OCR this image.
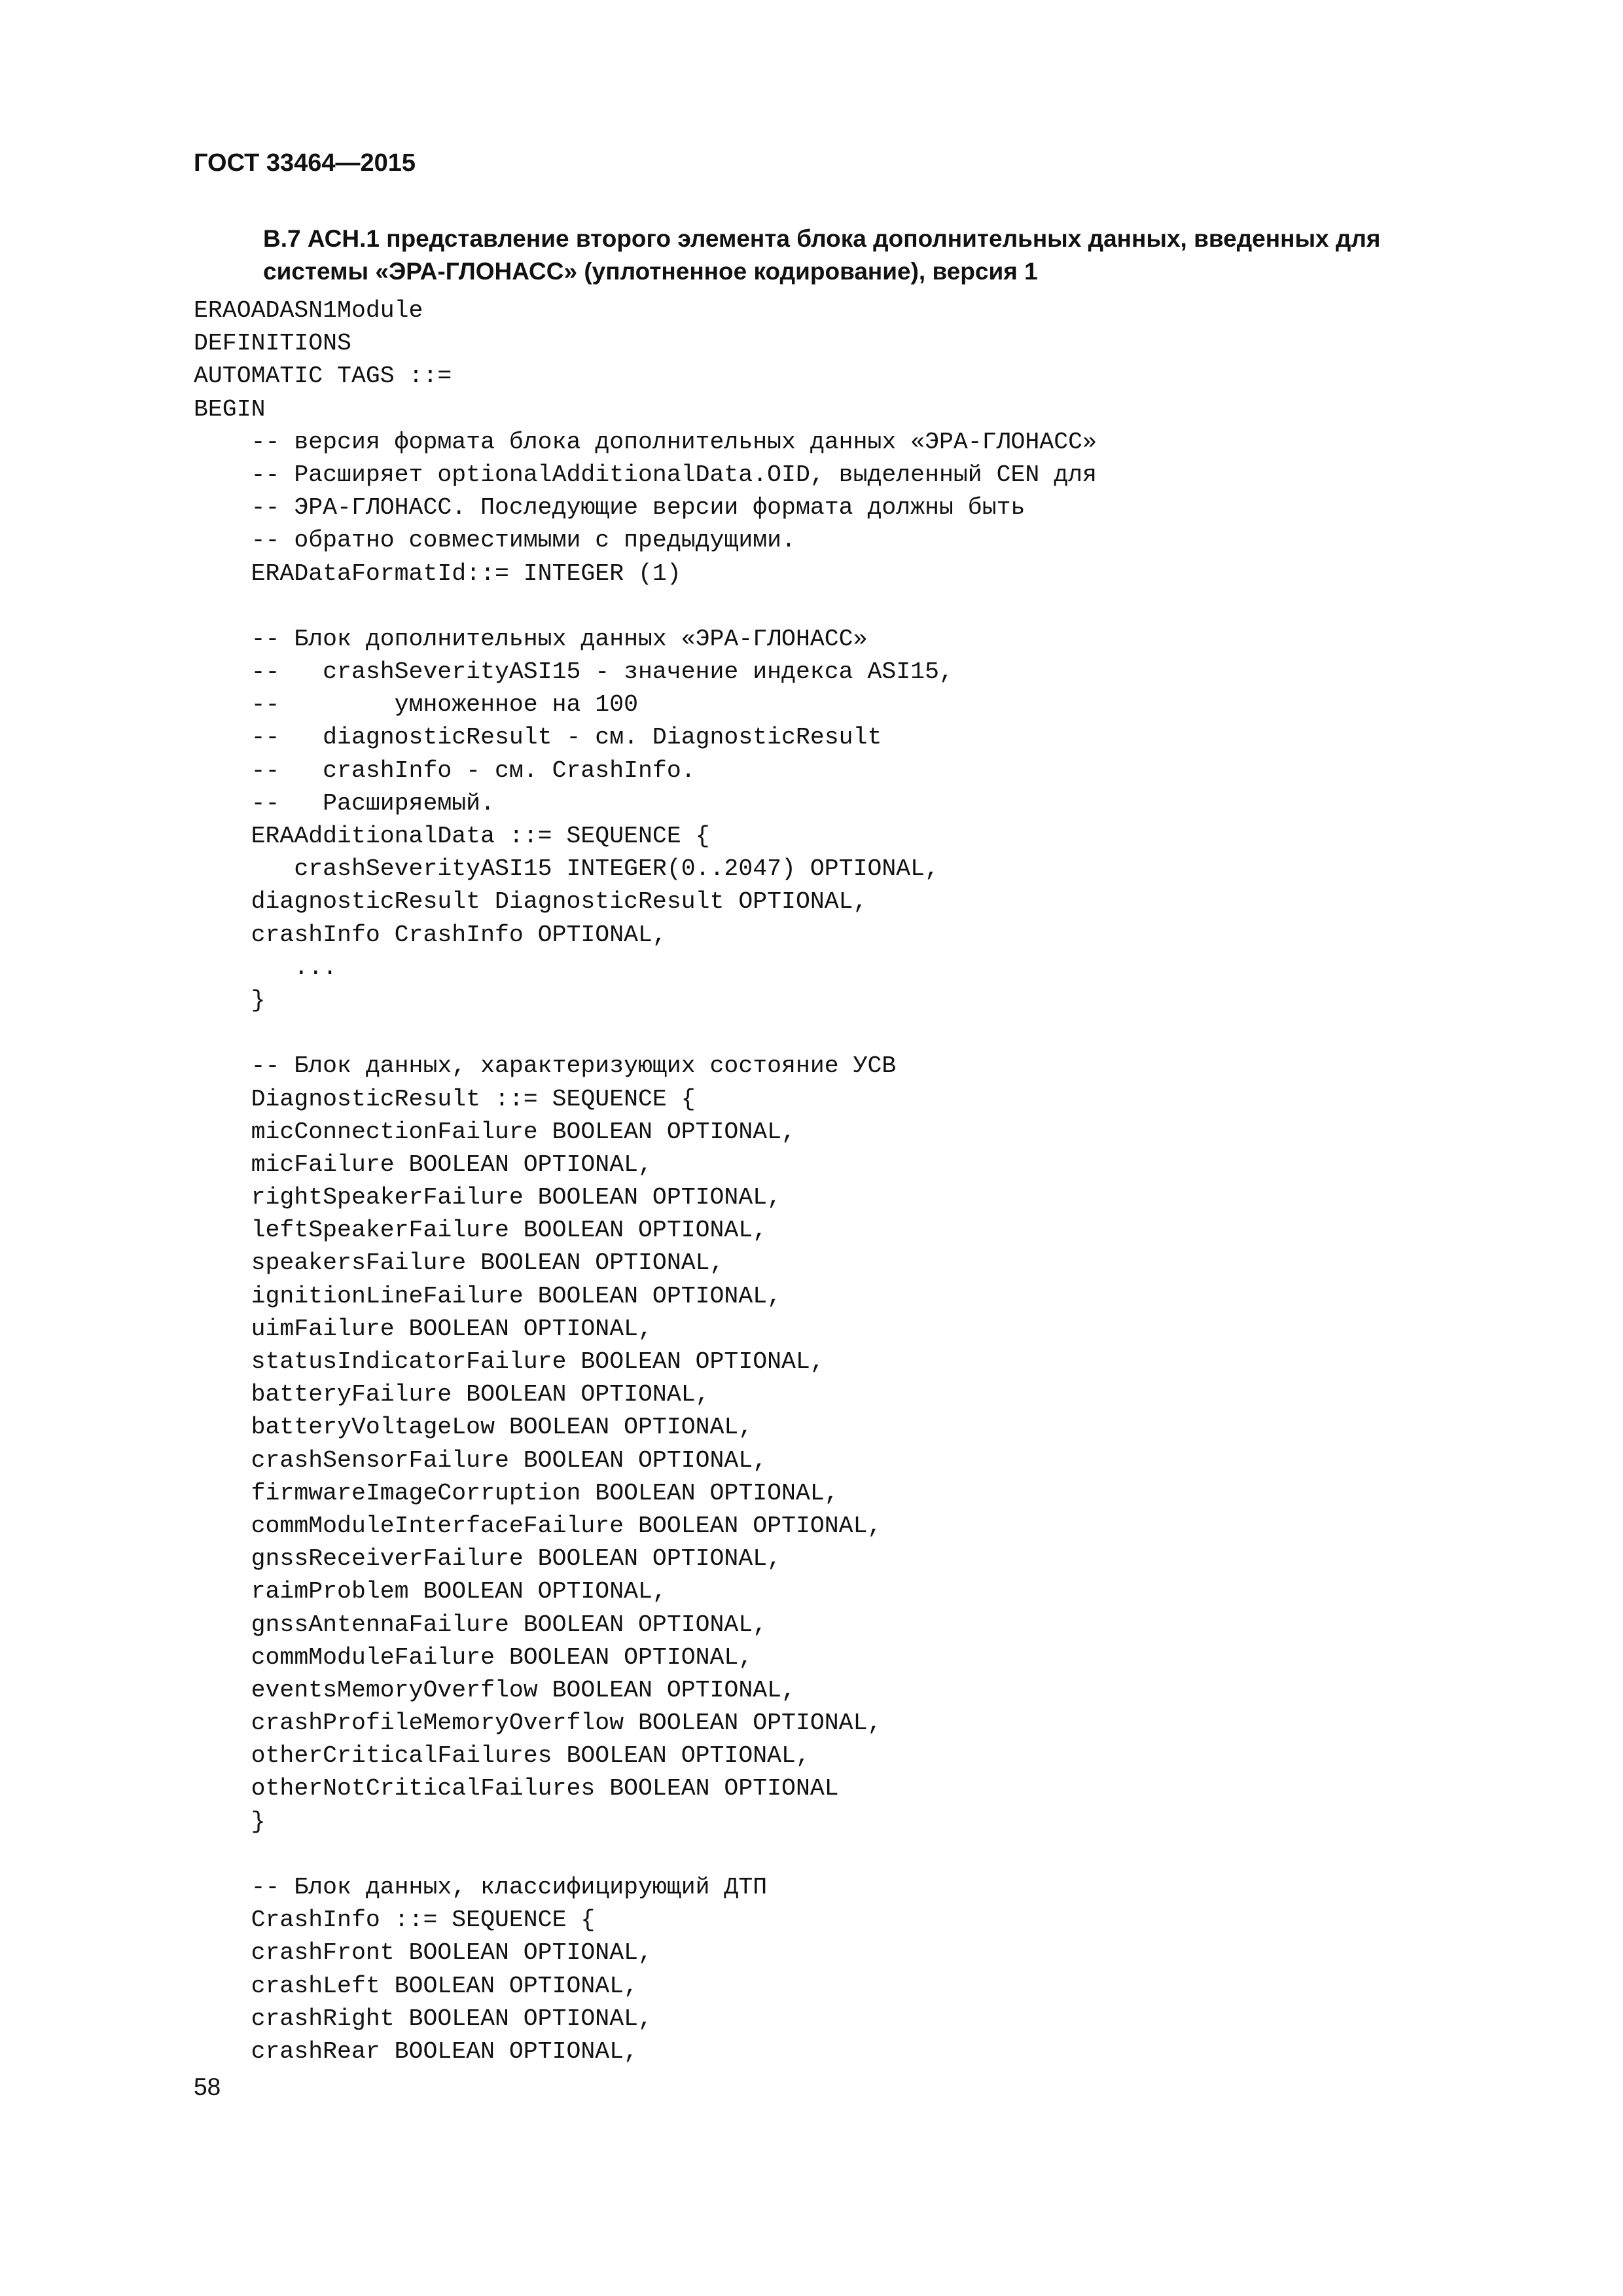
ГОСТ 33464—2015
В.7 АСН.1 представление второго элемента блока дополнительных данных, введенных для
системы «ЭРА-ГЛОНАСС» (уплотненное кодирование), версия 1
ERAOADASN1Module
DEFINITIONS
AUTOMATIC TAGS ::=
BEGIN
-- версия формата блока дополнительных данных «ЭРА-ГЛОНАСС»
-- Расширяет optionalAdditionalData.OID, выделенный CEN для
-- ЭРА-ГЛОНАСС. Последующие версии формата должны быть
-- обратно совместимыми с предыдущими.
ERADataFormatId::= INTEGER (1)
-- Блок дополнительных данных «ЭРА-ГЛОНАСС»
--   crashSeverityASI15 - значение индекса ASI15,
--        умноженное на 100
--   diagnosticResult - см. DiagnosticResult
--   crashInfo - см. CrashInfo.
--   Расширяемый.
ERAAdditionalData ::= SEQUENCE {
crashSeverityASI15 INTEGER(0..2047) OPTIONAL,
diagnosticResult DiagnosticResult OPTIONAL,
crashInfo CrashInfo OPTIONAL,
...
}
-- Блок данных, характеризующих состояние УСВ
DiagnosticResult ::= SEQUENCE {
micConnectionFailure BOOLEAN OPTIONAL,
micFailure BOOLEAN OPTIONAL,
rightSpeakerFailure BOOLEAN OPTIONAL,
leftSpeakerFailure BOOLEAN OPTIONAL,
speakersFailure BOOLEAN OPTIONAL,
ignitionLineFailure BOOLEAN OPTIONAL,
uimFailure BOOLEAN OPTIONAL,
statusIndicatorFailure BOOLEAN OPTIONAL,
batteryFailure BOOLEAN OPTIONAL,
batteryVoltageLow BOOLEAN OPTIONAL,
crashSensorFailure BOOLEAN OPTIONAL,
firmwareImageCorruption BOOLEAN OPTIONAL,
commModuleInterfaceFailure BOOLEAN OPTIONAL,
gnssReceiverFailure BOOLEAN OPTIONAL,
raimProblem BOOLEAN OPTIONAL,
gnssAntennaFailure BOOLEAN OPTIONAL,
commModuleFailure BOOLEAN OPTIONAL,
eventsMemoryOverflow BOOLEAN OPTIONAL,
crashProfileMemoryOverflow BOOLEAN OPTIONAL,
otherCriticalFailures BOOLEAN OPTIONAL,
otherNotCriticalFailures BOOLEAN OPTIONAL
}
-- Блок данных, классифицирующий ДТП
CrashInfo ::= SEQUENCE {
crashFront BOOLEAN OPTIONAL,
crashLeft BOOLEAN OPTIONAL,
crashRight BOOLEAN OPTIONAL,
crashRear BOOLEAN OPTIONAL,
58
